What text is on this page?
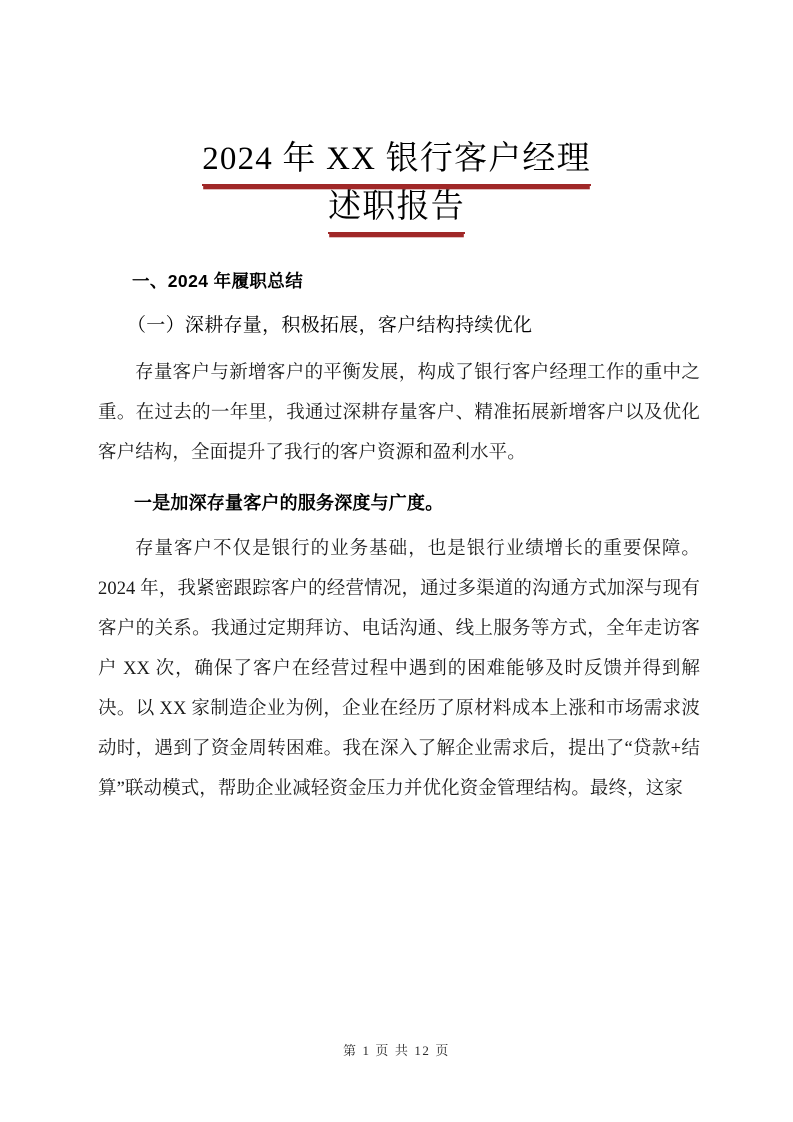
2024 年 XX 银行客户经理
述职报告
一、2024 年履职总结
（一）深耕存量，积极拓展，客户结构持续优化

存量客户与新增客户的平衡发展，构成了银行客户经理工作的重中之重。在过去的一年里，我通过深耕存量客户、精准拓展新增客户以及优化客户结构，全面提升了我行的客户资源和盈利水平。

一是加深存量客户的服务深度与广度。

存量客户不仅是银行的业务基础，也是银行业绩增长的重要保障。2024 年，我紧密跟踪客户的经营情况，通过多渠道的沟通方式加深与现有客户的关系。我通过定期拜访、电话沟通、线上服务等方式，全年走访客户 XX 次，确保了客户在经营过程中遇到的困难能够及时反馈并得到解决。以 XX 家制造企业为例，企业在经历了原材料成本上涨和市场需求波动时，遇到了资金周转困难。我在深入了解企业需求后，提出了“贷款+结算”联动模式，帮助企业减轻资金压力并优化资金管理结构。最终，这家

第 1 页 共 12 页
